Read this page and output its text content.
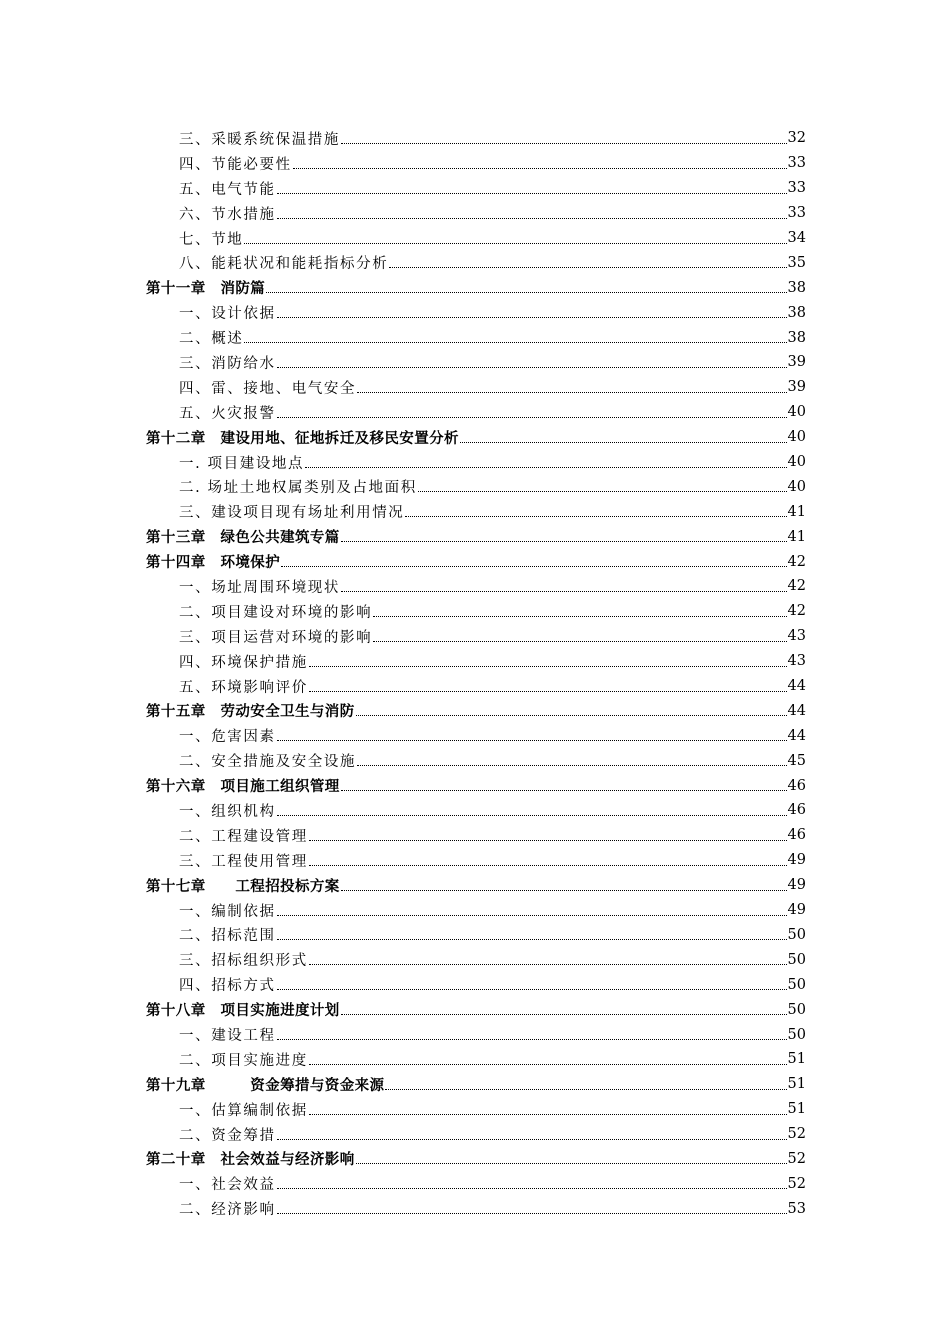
三、采暖系统保温措施	32
四、节能必要性	33
五、电气节能	33
六、节水措施	33
七、节地	34
八、能耗状况和能耗指标分析	35
第十一章　消防篇	38
一、设计依据	38
二、概述	38
三、消防给水	39
四、雷、接地、电气安全	39
五、火灾报警	40
第十二章　建设用地、征地拆迁及移民安置分析	40
一. 项目建设地点	40
二. 场址土地权属类别及占地面积	40
三、建设项目现有场址利用情况	41
第十三章　绿色公共建筑专篇	41
第十四章　环境保护	42
一、场址周围环境现状	42
二、项目建设对环境的影响	42
三、项目运营对环境的影响	43
四、环境保护措施	43
五、环境影响评价	44
第十五章　劳动安全卫生与消防	44
一、危害因素	44
二、安全措施及安全设施	45
第十六章　项目施工组织管理	46
一、组织机构	46
二、工程建设管理	46
三、工程使用管理	49
第十七章　　工程招投标方案	49
一、编制依据	49
二、招标范围	50
三、招标组织形式	50
四、招标方式	50
第十八章　项目实施进度计划	50
一、建设工程	50
二、项目实施进度	51
第十九章　　　资金筹措与资金来源	51
一、估算编制依据	51
二、资金筹措	52
第二十章　社会效益与经济影响	52
一、社会效益	52
二、经济影响	53
